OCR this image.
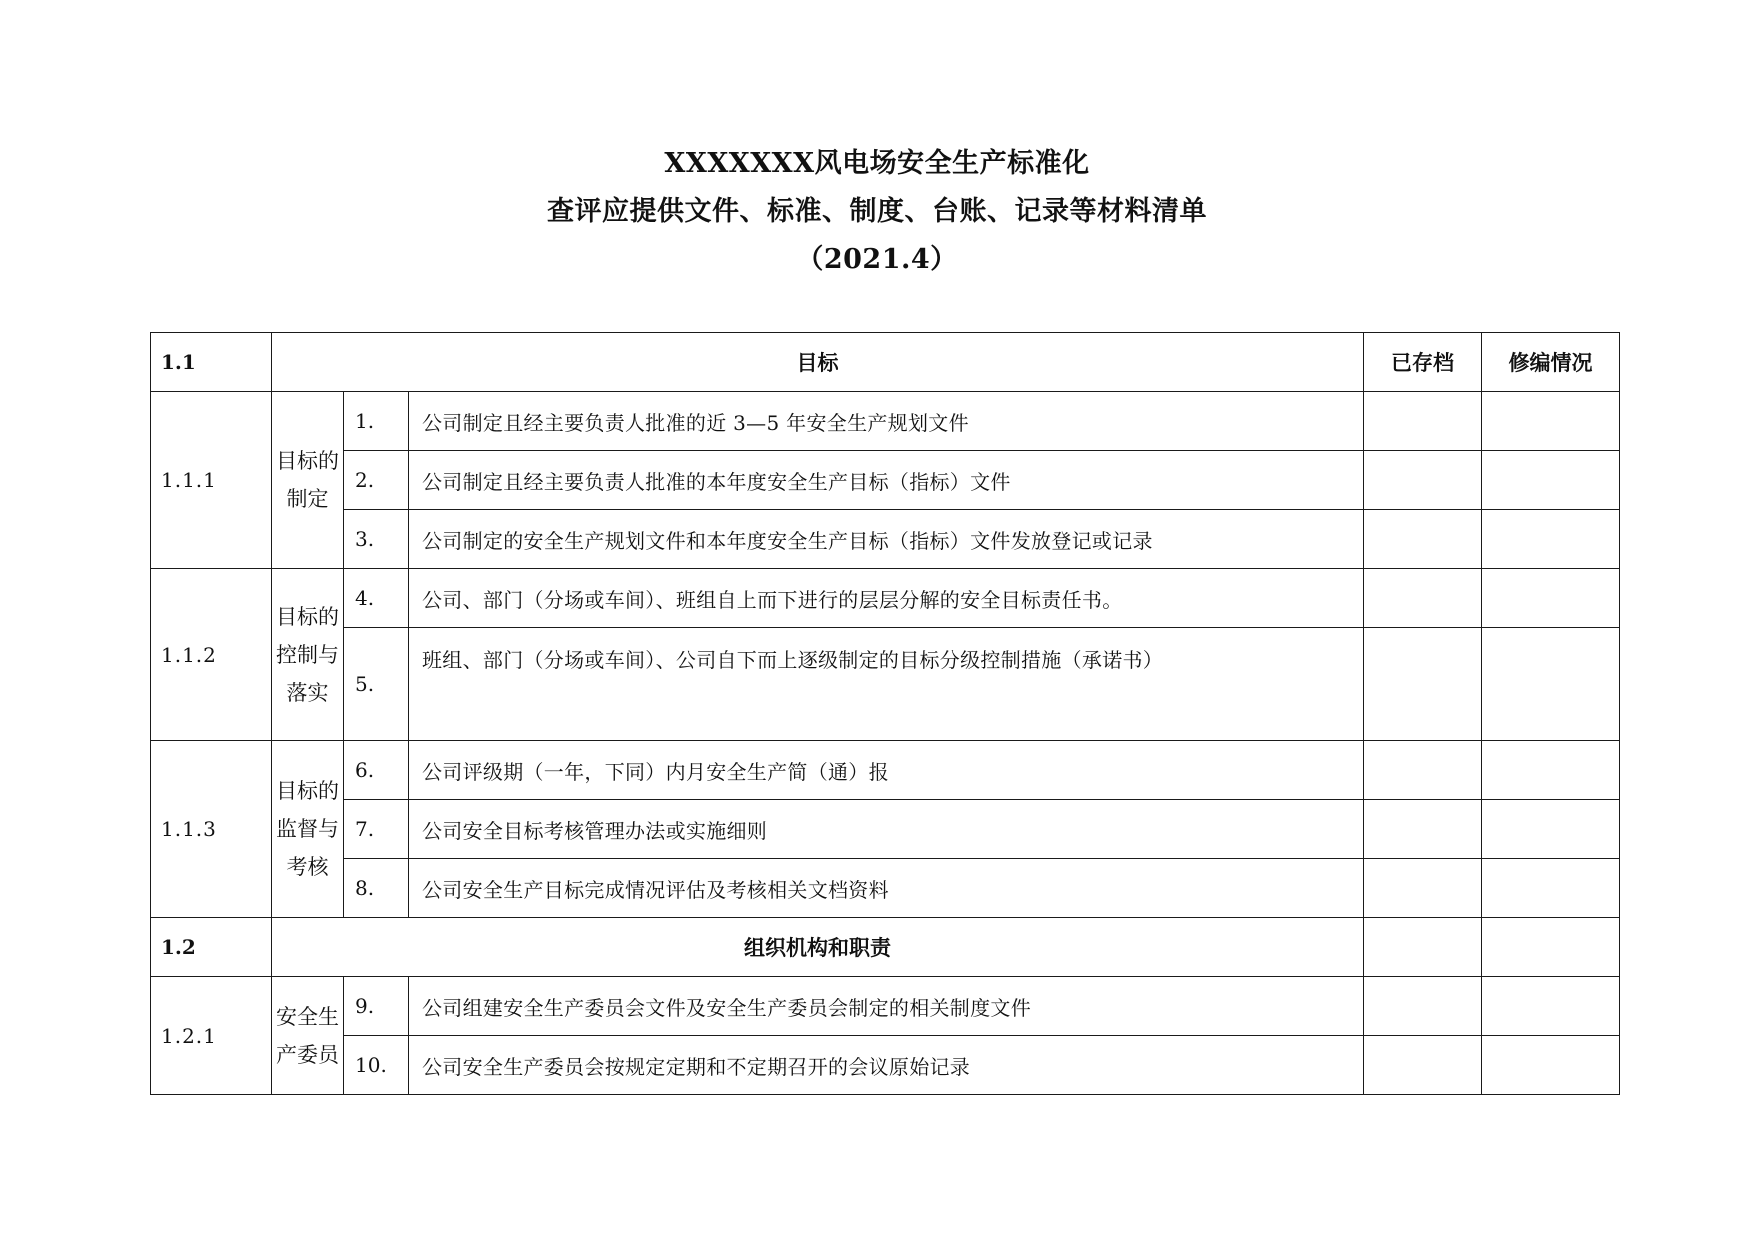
XXXXXXX风电场安全生产标准化
查评应提供文件、标准、制度、台账、记录等材料清单
（2021.4）
1.1	目标			已存档	修编情况
1.1.1	目标的制定	1.	公司制定且经主要负责人批准的近 3—5 年安全生产规划文件		
		2.	公司制定且经主要负责人批准的本年度安全生产目标（指标）文件		
		3.	公司制定的安全生产规划文件和本年度安全生产目标（指标）文件发放登记或记录		
1.1.2	目标的控制与落实	4.	公司、部门（分场或车间）、班组自上而下进行的层层分解的安全目标责任书。		
		5.	班组、部门（分场或车间）、公司自下而上逐级制定的目标分级控制措施（承诺书）		
1.1.3	目标的监督与考核	6.	公司评级期（一年，下同）内月安全生产简（通）报		
		7.	公司安全目标考核管理办法或实施细则		
		8.	公司安全生产目标完成情况评估及考核相关文档资料		
1.2	组织机构和职责				
1.2.1	安全生产委员	9.	公司组建安全生产委员会文件及安全生产委员会制定的相关制度文件		
		10.	公司安全生产委员会按规定定期和不定期召开的会议原始记录		
